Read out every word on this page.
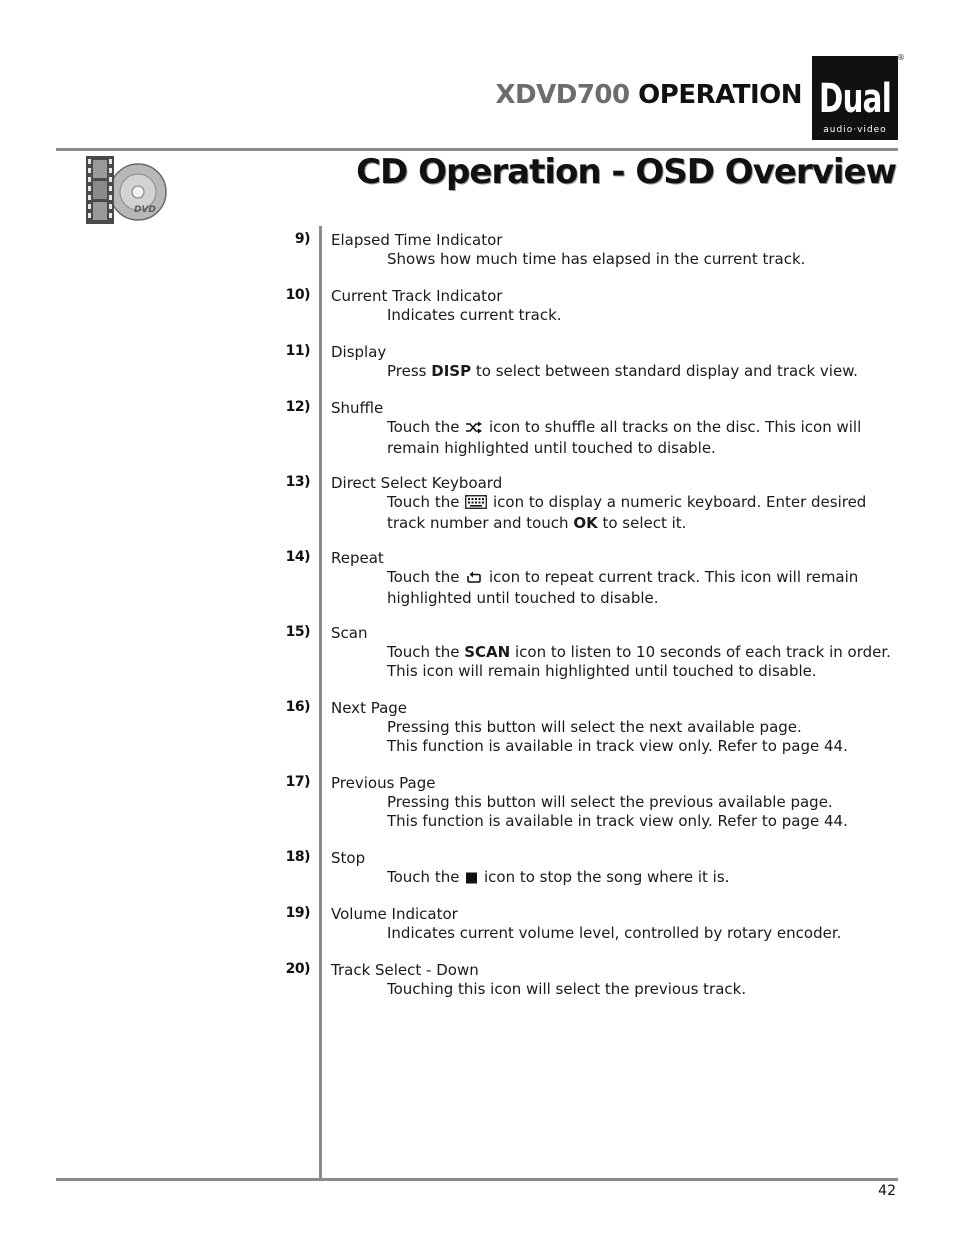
XDVD700 OPERATION Dual
audio·video
®
DVD
CD Operation - OSD Overview
9) Elapsed Time Indicator
Shows how much time has elapsed in the current track.
10) Current Track Indicator
Indicates current track.
11) Display
Press DISP to select between standard display and track view.
12) Shuffle
Touch the  icon to shuffle all tracks on the disc. This icon will remain highlighted until touched to disable.
13) Direct Select Keyboard
Touch the  icon to display a numeric keyboard. Enter desired track number and touch OK to select it.
14) Repeat
Touch the  icon to repeat current track. This icon will remain highlighted until touched to disable.
15) Scan
Touch the SCAN icon to listen to 10 seconds of each track in order. This icon will remain highlighted until touched to disable.
16) Next Page
Pressing this button will select the next available page.
This function is available in track view only. Refer to page 44.
17) Previous Page
Pressing this button will select the previous available page.
This function is available in track view only. Refer to page 44.
18) Stop
Touch the  icon to stop the song where it is.
19) Volume Indicator
Indicates current volume level, controlled by rotary encoder.
20) Track Select - Down
Touching this icon will select the previous track.
42
